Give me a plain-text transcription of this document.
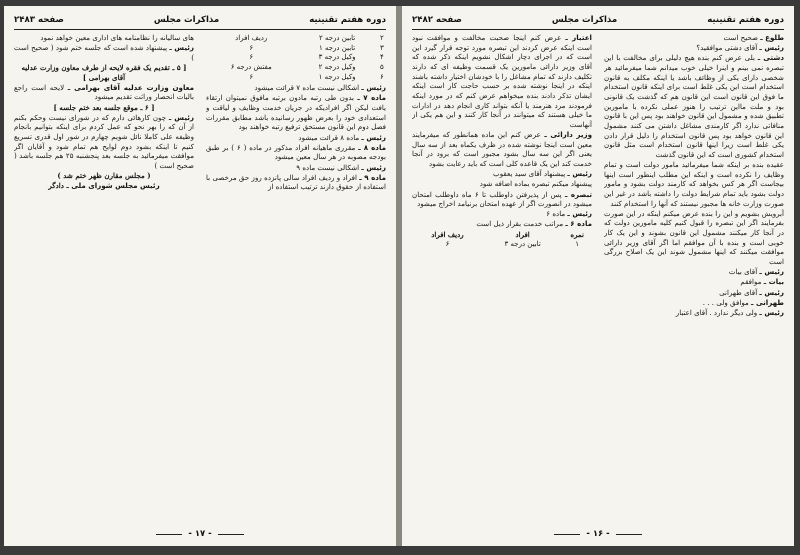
دوره هفتم تقنینیه
مذاکرات مجلس
صفحه ۲۴۸۳
۲	تابین درجه ۲	ردیف افراد
۳	تابین درجه ۱	۶
۴	وکیل درجه ۳	۶
۵	وکیل درجه ۲	مفتش درجه ۶
۶	وکیل درجه ۱	۶

رئیس ـ اشکالی نیست ماده ۷ قرائت میشود

ماده ۷ ـ بدون طی رتبه مادون برتبه مافوق نمیتوان ارتقاء یافت لیکن اگر افرادیکه در جریان خدمت وظایف و لیاقت و استعدادی خود را بعرض ظهور رسانیده باشد مطابق مقررات فصل دوم این قانون مستحق ترفیع رتبه خواهند بود

رئیس ـ ماده ۸ قرائت میشود

ماده ۸ ـ مقرری ماهیانه افراد مذکور در ماده ( ۶ ) بر طبق بودجه مصوبه در هر سال معین میشود

رئیس ـ اشکالی نیست ماده ۹

ماده ۹ ـ افراد و ردیف افراد سالی پانزده روز حق مرخصی با استفاده از حقوق دارند ترتیب استفاده از

های سالیانه را نظامنامه های اداری معین خواهد نمود

رئیس ـ پیشنهاد شده است که جلسه ختم شود ( صحیح است )

[ ۵ ـ تقدیم یک فقره لایحه از طرف معاون وزارت عدلیه آقای بهرامی ]

معاون وزارت عدلیه آقای بهرامی ـ لایحه است راجع بالیات انحصار وراثت تقدیم میشود

[ ۶ ـ موقع جلسه بعد ختم جلسه ]

رئیس ـ چون کارهائی دارم که در شورای نیست وحکم بکنم از آن که را بهر نحو که عمل کردم برای اینکه بتوانیم بانجام وظیفه علی کاملا نائل شویم چهارم در شور اول قدری تسریع کنیم تا اینکه بشود دوم لوایح هم تمام شود و آقایان اگر موافقت میفرمائید به جلسه بعد پنجشنبه ۲۵ هم جلسه باشد ( صحیح است )

( مجلس مقارن ظهر ختم شد )

رئیس مجلس شورای ملی ـ دادگر

- ۱۷ -
دوره هفتم تقنینیه
مذاکرات مجلس
صفحه ۲۴۸۲

طلوع ـ صحیح است

رئیس ـ آقای دشتی موافقید؟

دشتی ـ بلی عرض کنم بنده هیچ دلیلی برای مخالفت با این تبصره نمی بینم و اینرا خیلی خوب میدانم شما میفرمائید هر شخصی دارای یکی از وظائف باشد یا اینکه مکلف به قانون استخدام است این یکی غلط است برای اینکه قانون استخدام ما فوق این قانون است این قانون هم که گذشت یک قانونی بود و ملت مااین ترتیب را هنوز عملی نکرده با مامورین تطبیق شده و مشمول این قانون خواهند بود پس این با قانون منافاتی ندارد اگر کارمندی مشاغل داشتن می کنند مشمول این قانون خواهد بود پس قانون استخدام را دلیل قرار دادن یکی غلط است زیرا اینها قانون استخدام است مثل قانون استخدام کشوری است که این قانون گذشت

عقیده بنده بر اینکه شما میفرمائید مامور دولت است و تمام وظایف را نکرده است و اینکه این مطلب اینطور است اینها بیجاست اگر هر کس بخواهد که کارمند دولت بشود و مامور دولت بشود باید تمام شرایط دولت را داشته باشد در غیر این صورت وزارت خانه ها مجبور نیستند که آنها را استخدام کنند

آبرویش بشویم و این را بنده عرض میکنم اینکه در این صورت بفرمایند اگر این تبصره را قبول کنیم کلیه مامورین دولت که در آنجا کار میکنند مشمول این قانون بشوند و این یک کار خوبی است و بنده با آن موافقم اما اگر آقای وزیر دارائی موافقت میکنند که اینها مشمول شوند این یک اصلاح بزرگی است

رئیس ـ آقای بیات

بیات ـ موافقم

رئیس ـ آقای طهرانی

طهرانی ـ موافق ولی . . .

رئیس ـ ولی دیگر ندارد . آقای اعتبار

اعتبار ـ عرض کنم اینجا صحبت مخالفت و موافقت نبود است اینکه عرض کردند این تبصره مورد توجه قرار گیرد این است که در اجرای دچار اشکال نشویم اینکه ذکر شده که آقای وزیر دارائی مامورین یک قسمت وظیفه ای که دارند تکلیف دارند که تمام مشاغل را با خودشان اختیار داشته باشند اینکه در اینجا نوشته شده بر حسب حاجت کار است اینکه ایشان تذکر دادند بنده میخواهم عرض کنم که در مورد اینکه فرمودند مرد هنرمند یا آنکه بتواند کاری انجام دهد در ادارات ما خیلی هستند که میتوانند در آنجا کار کنند و این هم یکی از آنهاست

وزیر دارائی ـ عرض کنم این ماده همانطور که میفرمایند معین است اینجا نوشته شده در ظرف یکماه بعد از سه سال یعنی اگر این سه سال بشود مجبور است که برود در آنجا خدمت کند این یک قاعده کلی است که باید رعایت بشود

رئیس ـ پیشنهاد آقای سید یعقوب

پیشنهاد میکنم تبصره بماده اضافه شود

تبصره ـ پس از پذیرفتن داوطلب تا ۶ ماه داوطلب امتحان میشود در انصورت اگر از عهده امتحان برنیامد اخراج میشود

رئیس ـ ماده ۶

ماده ۶ ـ مراتب خدمت بقرار ذیل است

نمره	افراد	ردیف افراد
۱	تابین درجه ۳	۶
- ۱۶ -
